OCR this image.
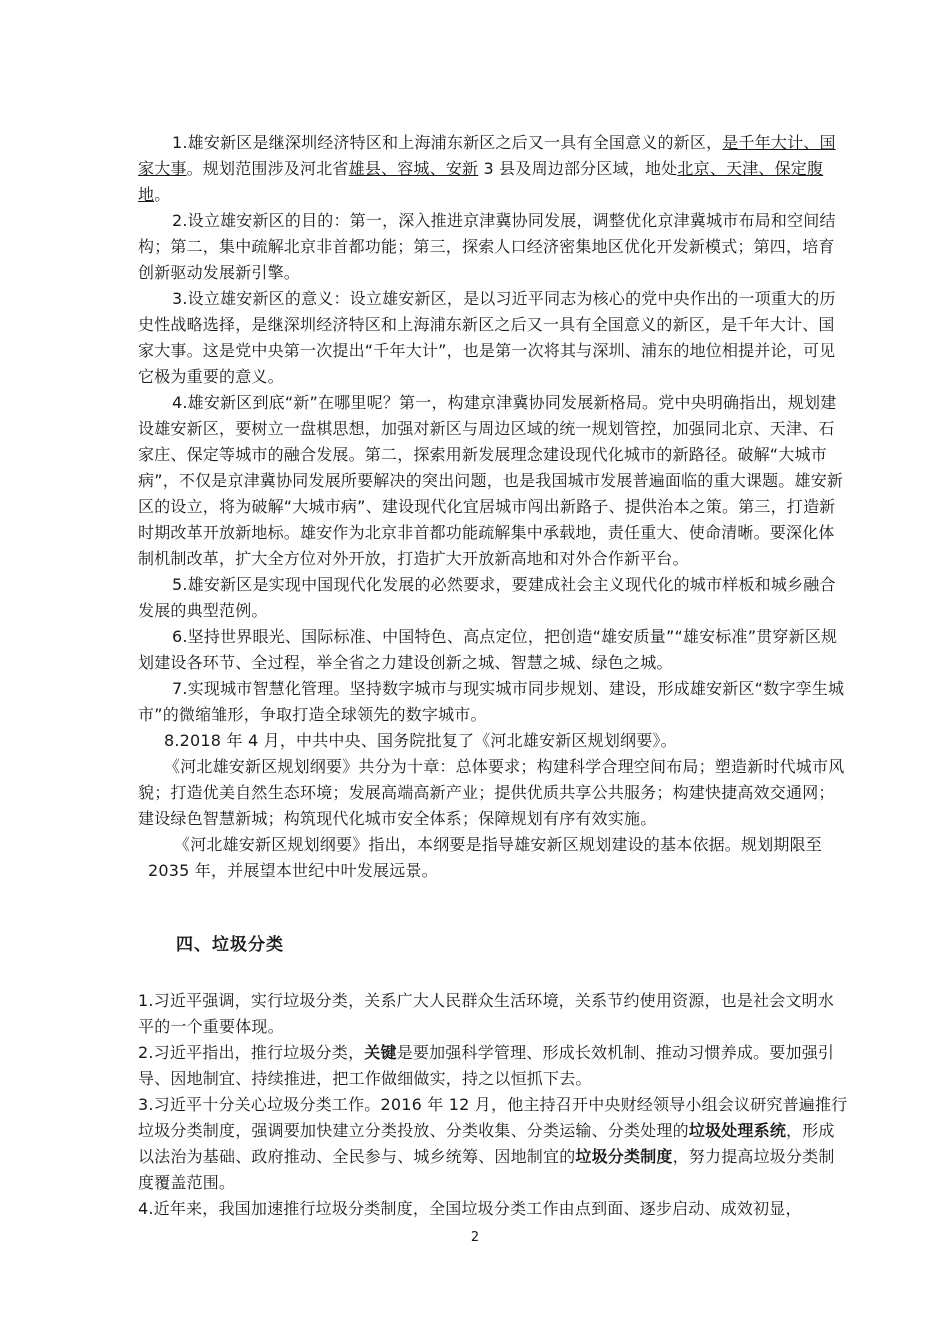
1.雄安新区是继深圳经济特区和上海浦东新区之后又一具有全国意义的新区，是千年大计、国家大事。规划范围涉及河北省雄县、容城、安新 3 县及周边部分区域，地处北京、天津、保定腹地。

2.设立雄安新区的目的：第一，深入推进京津冀协同发展，调整优化京津冀城市布局和空间结构；第二，集中疏解北京非首都功能；第三，探索人口经济密集地区优化开发新模式；第四，培育创新驱动发展新引擎。

3.设立雄安新区的意义：设立雄安新区，是以习近平同志为核心的党中央作出的一项重大的历史性战略选择，是继深圳经济特区和上海浦东新区之后又一具有全国意义的新区，是千年大计、国家大事。这是党中央第一次提出“千年大计”，也是第一次将其与深圳、浦东的地位相提并论，可见它极为重要的意义。

4.雄安新区到底“新”在哪里呢？第一，构建京津冀协同发展新格局。党中央明确指出，规划建设雄安新区，要树立一盘棋思想，加强对新区与周边区域的统一规划管控，加强同北京、天津、石家庄、保定等城市的融合发展。第二，探索用新发展理念建设现代化城市的新路径。破解“大城市病”，不仅是京津冀协同发展所要解决的突出问题，也是我国城市发展普遍面临的重大课题。雄安新区的设立，将为破解“大城市病”、建设现代化宜居城市闯出新路子、提供治本之策。第三，打造新时期改革开放新地标。雄安作为北京非首都功能疏解集中承载地，责任重大、使命清晰。要深化体制机制改革，扩大全方位对外开放，打造扩大开放新高地和对外合作新平台。

5.雄安新区是实现中国现代化发展的必然要求，要建成社会主义现代化的城市样板和城乡融合发展的典型范例。

6.坚持世界眼光、国际标准、中国特色、高点定位，把创造“雄安质量”“雄安标准”贯穿新区规划建设各环节、全过程，举全省之力建设创新之城、智慧之城、绿色之城。

7.实现城市智慧化管理。坚持数字城市与现实城市同步规划、建设，形成雄安新区“数字孪生城市”的微缩雏形，争取打造全球领先的数字城市。

8.2018 年 4 月，中共中央、国务院批复了《河北雄安新区规划纲要》。

《河北雄安新区规划纲要》共分为十章：总体要求；构建科学合理空间布局；塑造新时代城市风貌；打造优美自然生态环境；发展高端高新产业；提供优质共享公共服务；构建快捷高效交通网；建设绿色智慧新城；构筑现代化城市安全体系；保障规划有序有效实施。

《河北雄安新区规划纲要》指出，本纲要是指导雄安新区规划建设的基本依据。规划期限至 2035 年，并展望本世纪中叶发展远景。

四、垃圾分类

1.习近平强调，实行垃圾分类，关系广大人民群众生活环境，关系节约使用资源，也是社会文明水平的一个重要体现。

2.习近平指出，推行垃圾分类，关键是要加强科学管理、形成长效机制、推动习惯养成。要加强引导、因地制宜、持续推进，把工作做细做实，持之以恒抓下去。

3.习近平十分关心垃圾分类工作。2016 年 12 月，他主持召开中央财经领导小组会议研究普遍推行垃圾分类制度，强调要加快建立分类投放、分类收集、分类运输、分类处理的垃圾处理系统，形成以法治为基础、政府推动、全民参与、城乡统筹、因地制宜的垃圾分类制度，努力提高垃圾分类制度覆盖范围。

4.近年来，我国加速推行垃圾分类制度，全国垃圾分类工作由点到面、逐步启动、成效初显，

2
